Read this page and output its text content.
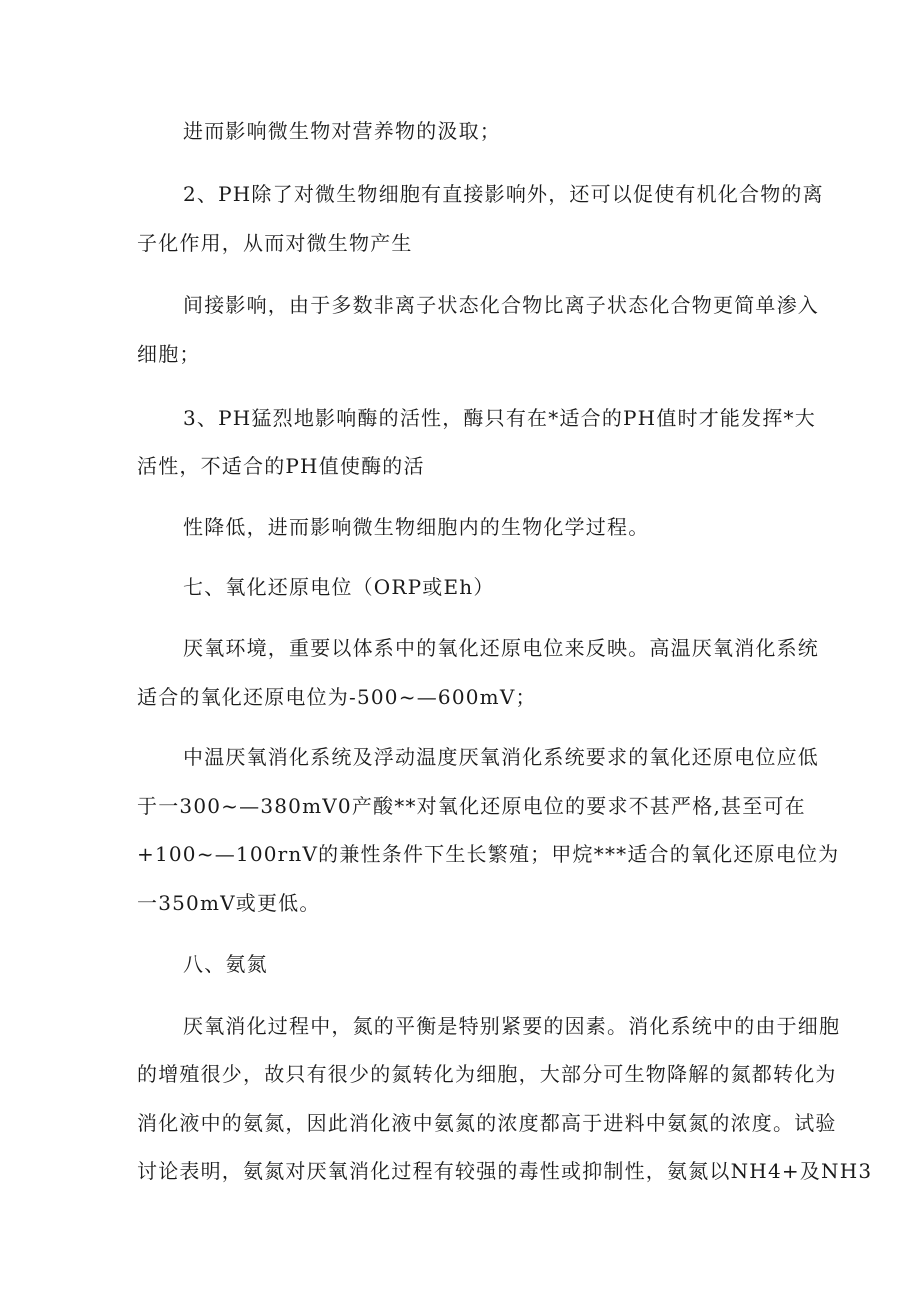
进而影响微生物对营养物的汲取；
2、PH除了对微生物细胞有直接影响外，还可以促使有机化合物的离
子化作用，从而对微生物产生
间接影响，由于多数非离子状态化合物比离子状态化合物更简单渗入
细胞；
3、PH猛烈地影响酶的活性，酶只有在*适合的PH值时才能发挥*大
活性，不适合的PH值使酶的活
性降低，进而影响微生物细胞内的生物化学过程。
七、氧化还原电位（ORP或Eh）
厌氧环境，重要以体系中的氧化还原电位来反映。高温厌氧消化系统
适合的氧化还原电位为-500~—600mV；
中温厌氧消化系统及浮动温度厌氧消化系统要求的氧化还原电位应低
于一300~—380mV0产酸**对氧化还原电位的要求不甚严格,甚至可在
+100~—100rnV的兼性条件下生长繁殖；甲烷***适合的氧化还原电位为
一350mV或更低。
八、氨氮
厌氧消化过程中，氮的平衡是特别紧要的因素。消化系统中的由于细胞
的增殖很少，故只有很少的氮转化为细胞，大部分可生物降解的氮都转化为
消化液中的氨氮，因此消化液中氨氮的浓度都高于进料中氨氮的浓度。试验
讨论表明，氨氮对厌氧消化过程有较强的毒性或抑制性，氨氮以NH4+及NH3
